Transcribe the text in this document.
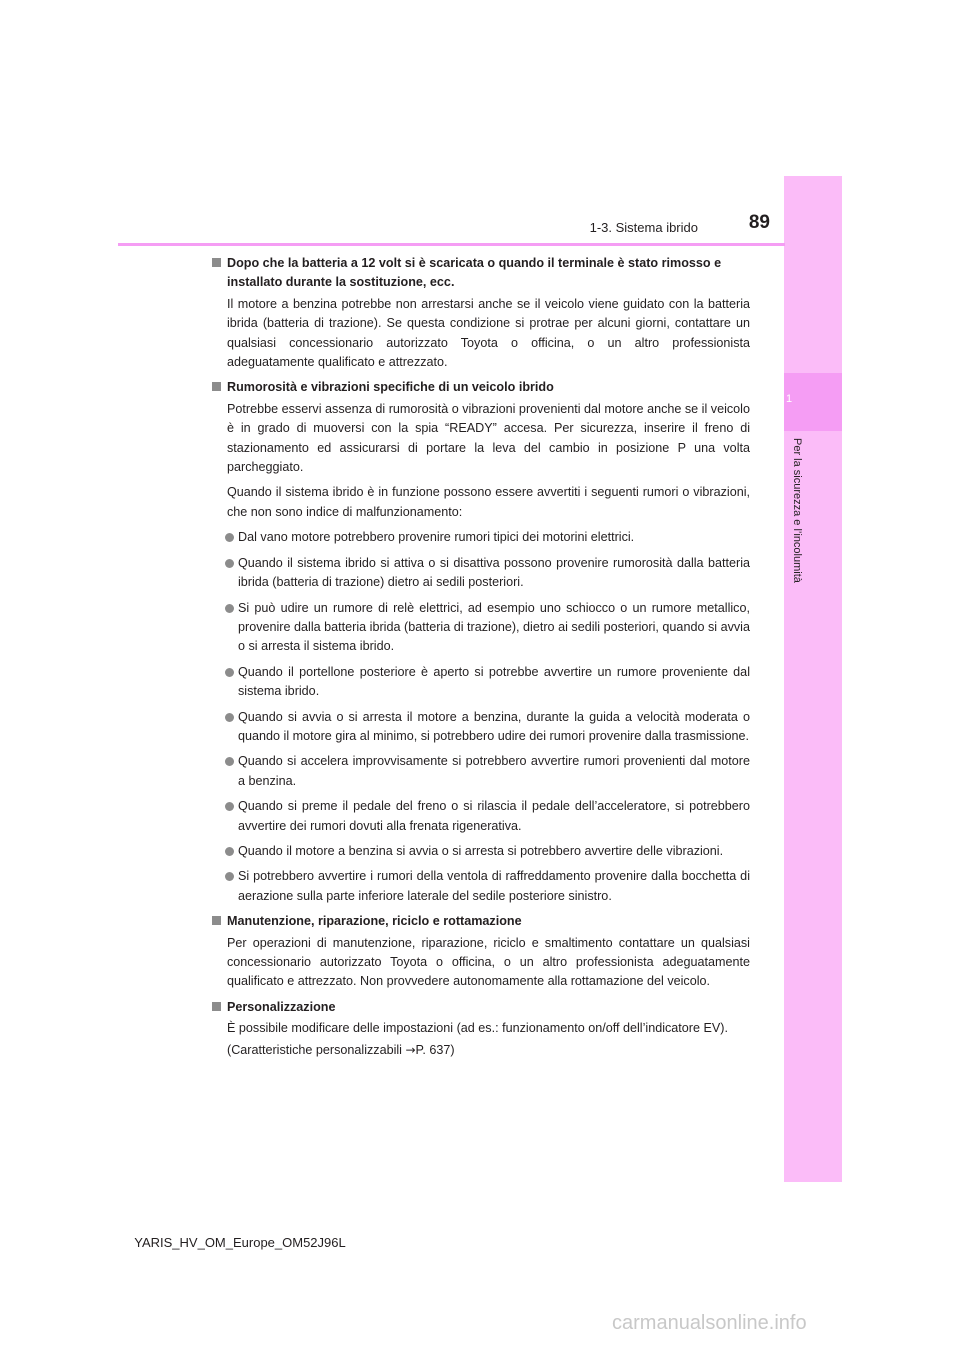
1
Per la sicurezza e l’incolumità
1-3. Sistema ibrido	89
Dopo che la batteria a 12 volt si è scaricata o quando il terminale è stato rimosso e installato durante la sostituzione, ecc.
Il motore a benzina potrebbe non arrestarsi anche se il veicolo viene guidato con la batteria ibrida (batteria di trazione). Se questa condizione si protrae per alcuni giorni, contattare un qualsiasi concessionario autorizzato Toyota o officina, o un altro professionista adeguatamente qualificato e attrezzato.
Rumorosità e vibrazioni specifiche di un veicolo ibrido
Potrebbe esservi assenza di rumorosità o vibrazioni provenienti dal motore anche se il veicolo è in grado di muoversi con la spia “READY” accesa. Per sicurezza, inserire il freno di stazionamento ed assicurarsi di portare la leva del cambio in posizione P una volta parcheggiato.
Quando il sistema ibrido è in funzione possono essere avvertiti i seguenti rumori o vibrazioni, che non sono indice di malfunzionamento:
Dal vano motore potrebbero provenire rumori tipici dei motorini elettrici.
Quando il sistema ibrido si attiva o si disattiva possono provenire rumorosità dalla batteria ibrida (batteria di trazione) dietro ai sedili posteriori.
Si può udire un rumore di relè elettrici, ad esempio uno schiocco o un rumore metallico, provenire dalla batteria ibrida (batteria di trazione), dietro ai sedili posteriori, quando si avvia o si arresta il sistema ibrido.
Quando il portellone posteriore è aperto si potrebbe avvertire un rumore proveniente dal sistema ibrido.
Quando si avvia o si arresta il motore a benzina, durante la guida a velocità moderata o quando il motore gira al minimo, si potrebbero udire dei rumori provenire dalla trasmissione.
Quando si accelera improvvisamente si potrebbero avvertire rumori provenienti dal motore a benzina.
Quando si preme il pedale del freno o si rilascia il pedale dell’acceleratore, si potrebbero avvertire dei rumori dovuti alla frenata rigenerativa.
Quando il motore a benzina si avvia o si arresta si potrebbero avvertire delle vibrazioni.
Si potrebbero avvertire i rumori della ventola di raffreddamento provenire dalla bocchetta di aerazione sulla parte inferiore laterale del sedile posteriore sinistro.
Manutenzione, riparazione, riciclo e rottamazione
Per operazioni di manutenzione, riparazione, riciclo e smaltimento contattare un qualsiasi concessionario autorizzato Toyota o officina, o un altro professionista adeguatamente qualificato e attrezzato. Non provvedere autonomamente alla rottamazione del veicolo.
Personalizzazione
È possibile modificare delle impostazioni (ad es.: funzionamento on/off dell’indicatore EV).
(Caratteristiche personalizzabili →P. 637)
YARIS_HV_OM_Europe_OM52J96L
carmanualsonline.info
